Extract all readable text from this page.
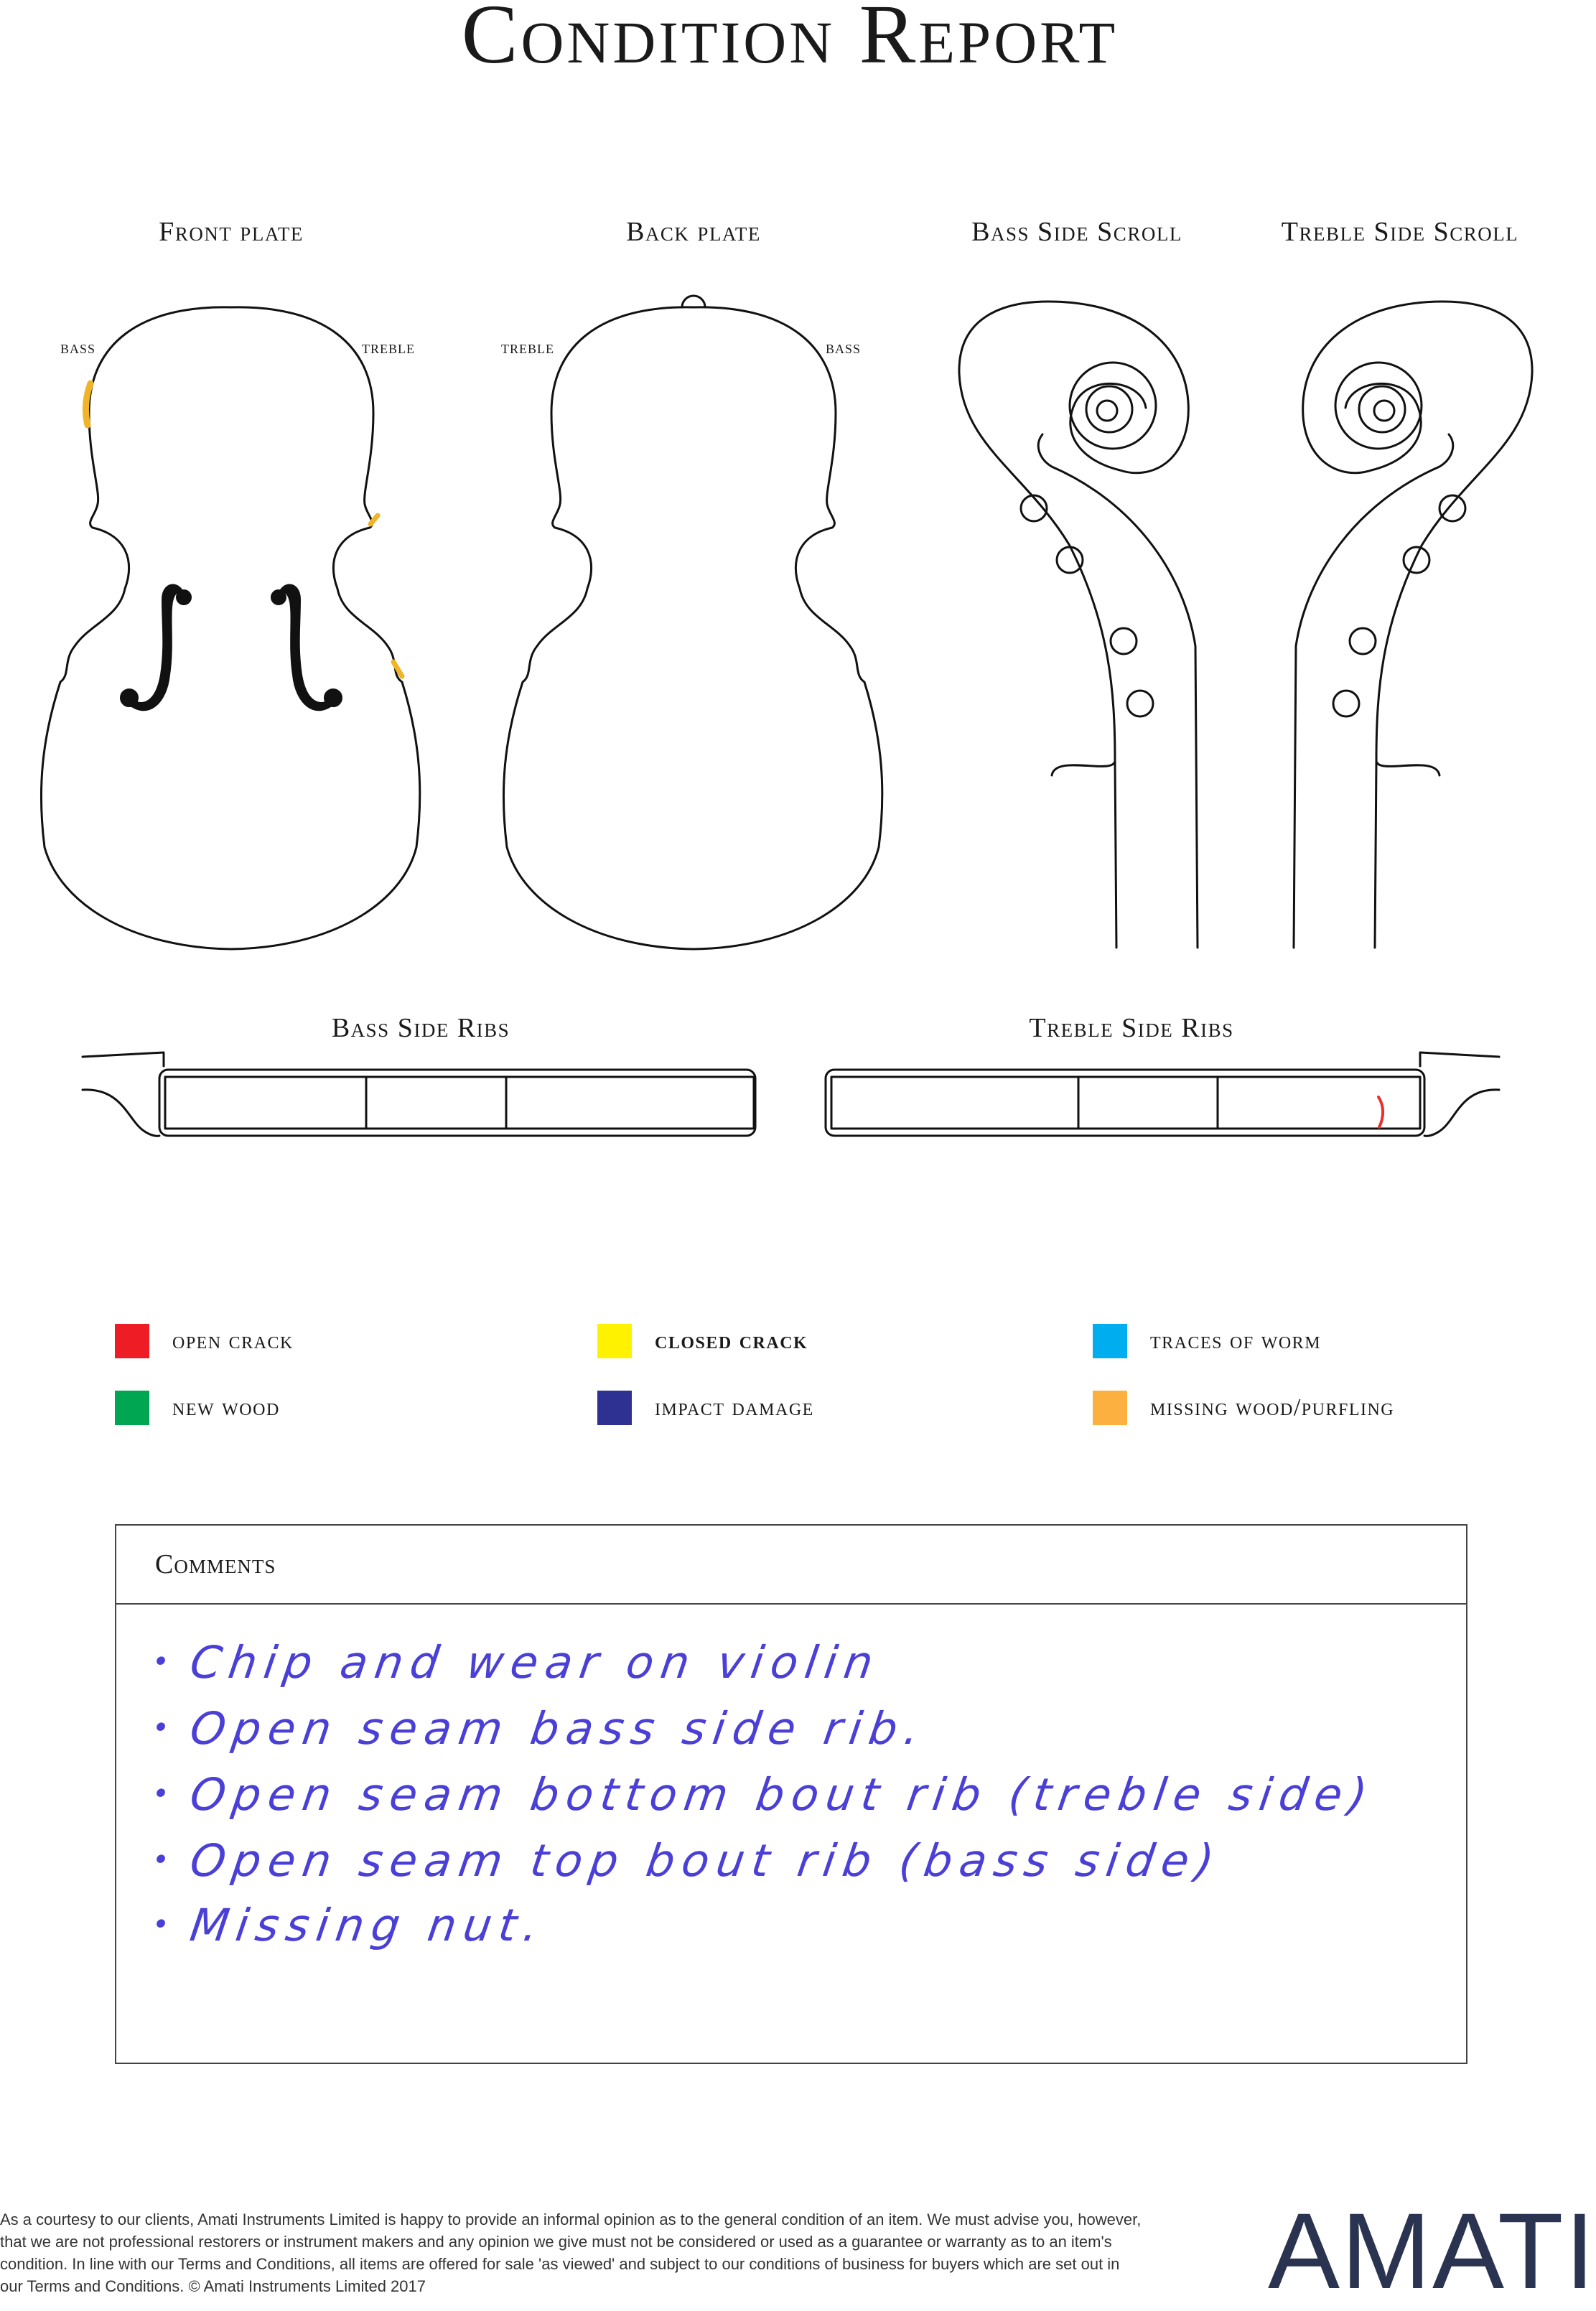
Condition Report
Front plate	Back plate	Bass Side Scroll	Treble Side Scroll
Bass Side Ribs	Treble Side Ribs
bass	treble	treble	bass
open crack	closed crack	traces of worm
new wood	impact damage	missing wood/purfling
Comments
• Chip and wear on violin
• Open seam bass side rib.
• Open seam bottom bout rib (treble side)
• Open seam top bout rib (bass side)
• Missing nut.
As a courtesy to our clients, Amati Instruments Limited is happy to provide an informal opinion as to the general condition of an item. We must advise you, however, that we are not professional restorers or instrument makers and any opinion we give must not be considered or used as a guarantee or warranty as to an item's condition. In line with our Terms and Conditions, all items are offered for sale 'as viewed' and subject to our conditions of business for buyers which are set out in our Terms and Conditions. © Amati Instruments Limited 2017	AMATI
